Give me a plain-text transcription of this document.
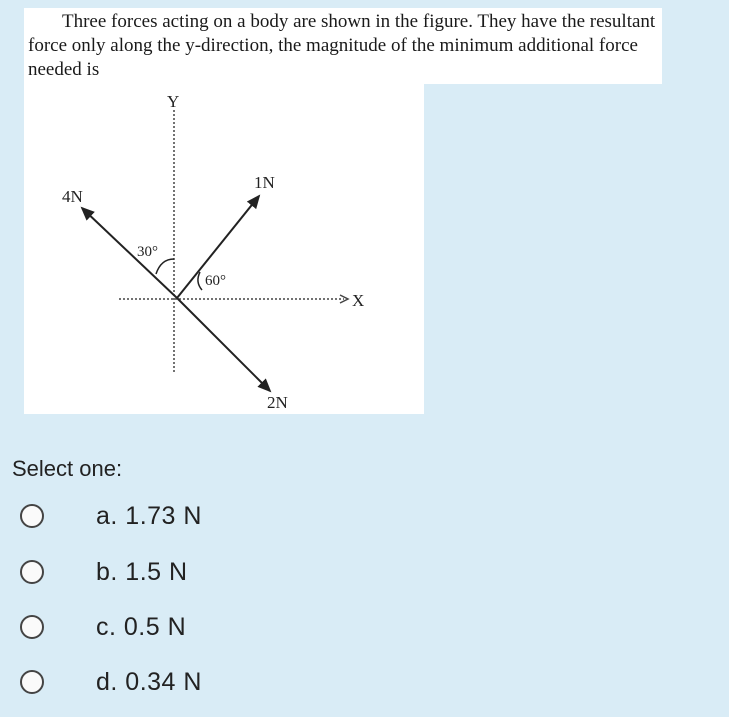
Three forces acting on a body are shown in the figure. They have the resultant force only along the y-direction, the magnitude of the minimum additional force needed is

Y
X
4N
1N
2N
30°
60°
Select one:
a. 1.73 N
b. 1.5 N
c. 0.5 N
d. 0.34 N
